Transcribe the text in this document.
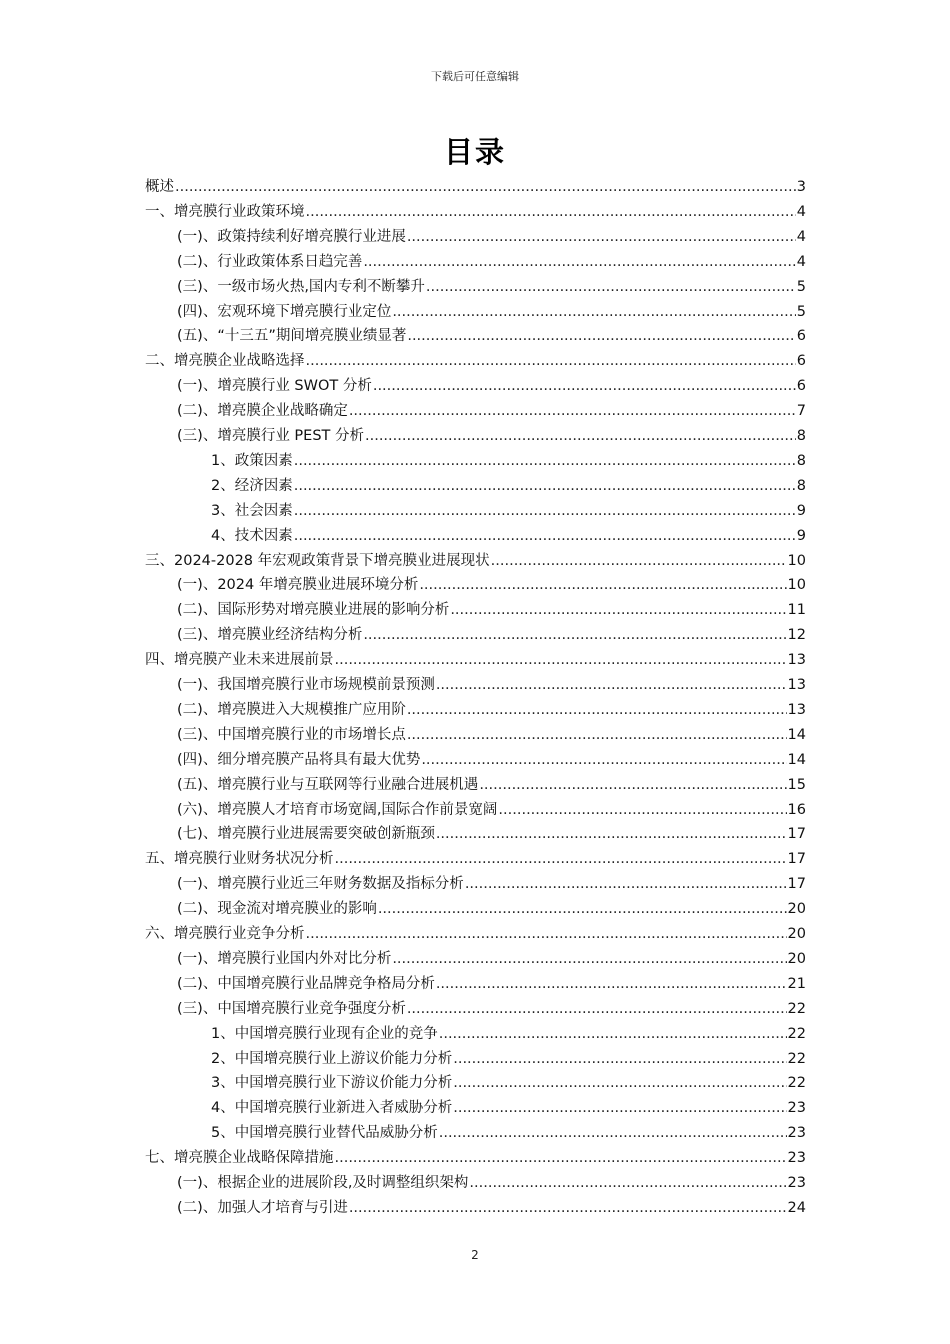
下载后可任意编辑
目录
概述 .....	3
一、增亮膜行业政策环境 .....	4
(一)、政策持续利好增亮膜行业进展 .....	4
(二)、行业政策体系日趋完善 .....	4
(三)、一级市场火热,国内专利不断攀升 .....	5
(四)、宏观环境下增亮膜行业定位 .....	5
(五)、“十三五”期间增亮膜业绩显著 .....	6
二、增亮膜企业战略选择 .....	6
(一)、增亮膜行业 SWOT 分析 .....	6
(二)、增亮膜企业战略确定 .....	7
(三)、增亮膜行业 PEST 分析 .....	8
1、政策因素 .....	8
2、经济因素 .....	8
3、社会因素 .....	9
4、技术因素 .....	9
三、2024-2028 年宏观政策背景下增亮膜业进展现状 .....	10
(一)、2024 年增亮膜业进展环境分析 .....	10
(二)、国际形势对增亮膜业进展的影响分析 .....	11
(三)、增亮膜业经济结构分析 .....	12
四、增亮膜产业未来进展前景 .....	13
(一)、我国增亮膜行业市场规模前景预测 .....	13
(二)、增亮膜进入大规模推广应用阶 .....	13
(三)、中国增亮膜行业的市场增长点 .....	14
(四)、细分增亮膜产品将具有最大优势 .....	14
(五)、增亮膜行业与互联网等行业融合进展机遇 .....	15
(六)、增亮膜人才培育市场宽阔,国际合作前景宽阔 .....	16
(七)、增亮膜行业进展需要突破创新瓶颈 .....	17
五、增亮膜行业财务状况分析 .....	17
(一)、增亮膜行业近三年财务数据及指标分析 .....	17
(二)、现金流对增亮膜业的影响 .....	20
六、增亮膜行业竞争分析 .....	20
(一)、增亮膜行业国内外对比分析 .....	20
(二)、中国增亮膜行业品牌竞争格局分析 .....	21
(三)、中国增亮膜行业竞争强度分析 .....	22
1、中国增亮膜行业现有企业的竞争 .....	22
2、中国增亮膜行业上游议价能力分析 .....	22
3、中国增亮膜行业下游议价能力分析 .....	22
4、中国增亮膜行业新进入者威胁分析 .....	23
5、中国增亮膜行业替代品威胁分析 .....	23
七、增亮膜企业战略保障措施 .....	23
(一)、根据企业的进展阶段,及时调整组织架构 .....	23
(二)、加强人才培育与引进 .....	24
2
